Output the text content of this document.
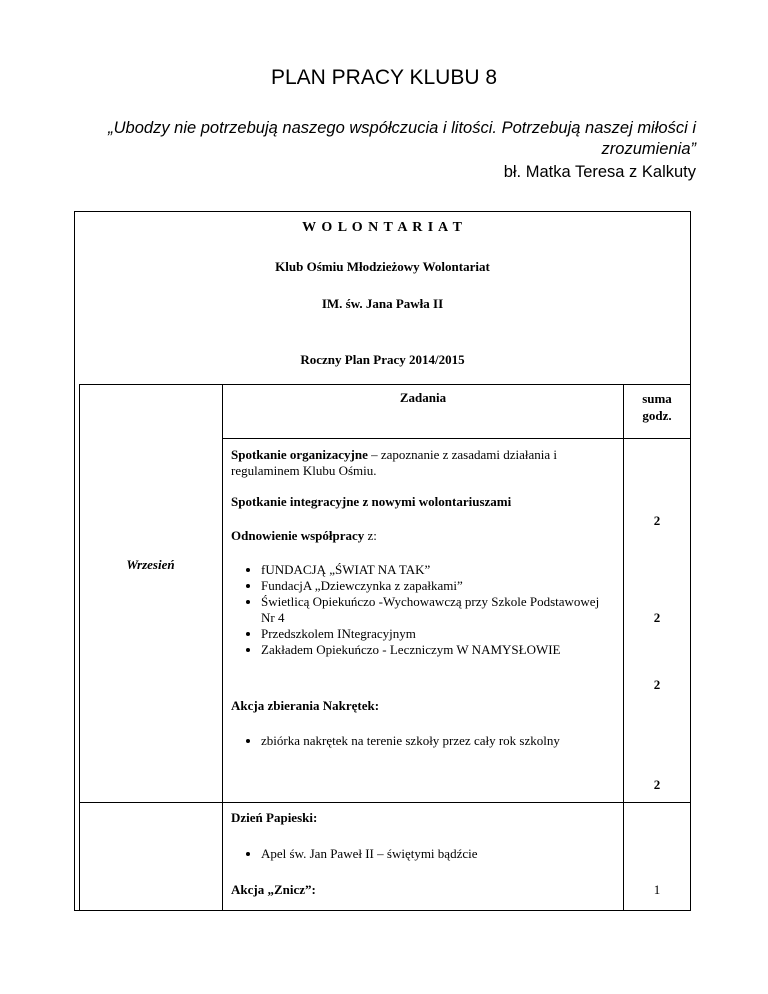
PLAN PRACY KLUBU 8
„Ubodzy nie potrzebują naszego współczucia i litości. Potrzebują naszej miłości i zrozumienia”
bł. Matka Teresa z Kalkuty
W O L O N T A R I A T
Klub Ośmiu Młodzieżowy Wolontariat
IM. św. Jana Pawła II
Roczny Plan Pracy 2014/2015
Zadania	suma
godz.
Wrzesień
Spotkanie organizacyjne – zapoznanie z zasadami działania i regulaminem Klubu Ośmiu.
Spotkanie integracyjne z nowymi wolontariuszami
Odnowienie współpracy z:
• fUNDACJĄ „ŚWIAT NA TAK”
• FundacjA „Dziewczynka z zapałkami”
• Świetlicą Opiekuńczo -Wychowawczą przy Szkole Podstawowej Nr 4
• Przedszkolem INtegracyjnym
• Zakładem Opiekuńczo - Leczniczym W NAMYSŁOWIE
Akcja zbierania Nakrętek:
• zbiórka nakrętek na terenie szkoły przez cały rok szkolny
2
2
2
2
Dzień Papieski:
• Apel św. Jan Paweł II – świętymi bądźcie
Akcja „Znicz”:	1
